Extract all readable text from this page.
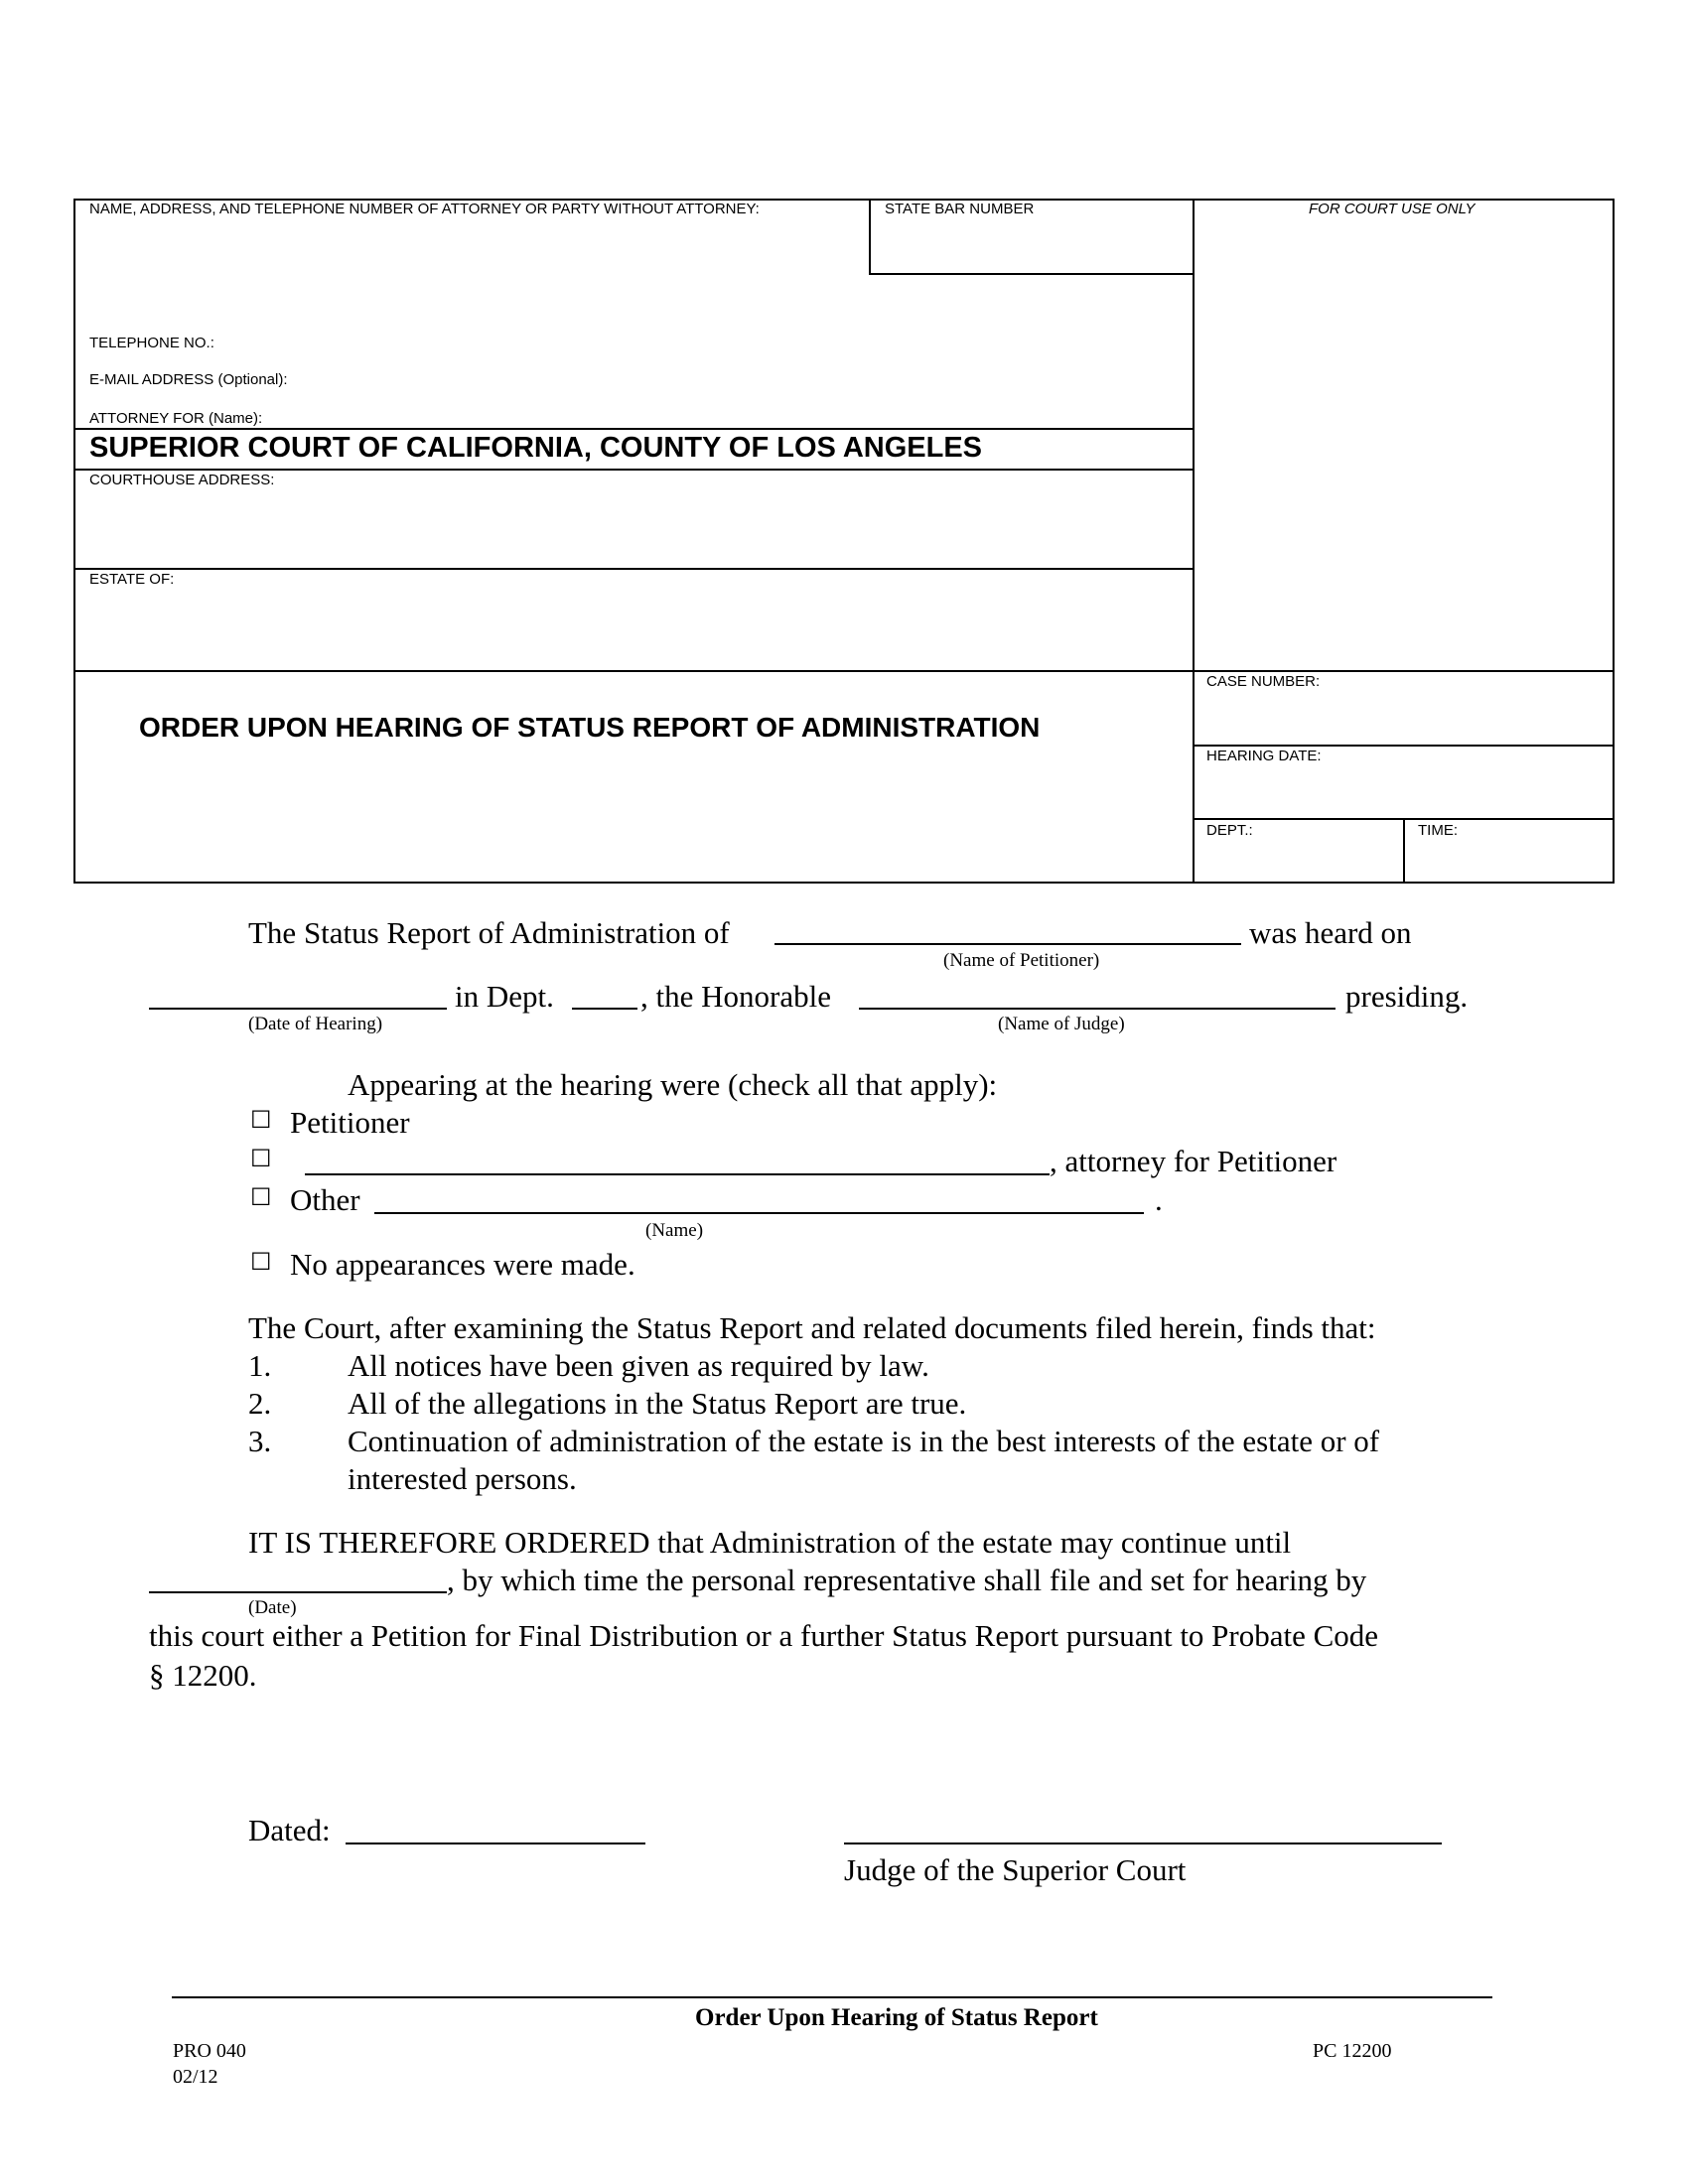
NAME, ADDRESS, AND TELEPHONE NUMBER OF ATTORNEY OR PARTY WITHOUT ATTORNEY:	STATE BAR NUMBER	FOR COURT USE ONLY
TELEPHONE NO.:
E-MAIL ADDRESS (Optional):
ATTORNEY FOR (Name):
SUPERIOR COURT OF CALIFORNIA, COUNTY OF LOS ANGELES
COURTHOUSE ADDRESS:
ESTATE OF:
ORDER UPON HEARING OF STATUS REPORT OF ADMINISTRATION
CASE NUMBER:
HEARING DATE:
DEPT.:	TIME:
The Status Report of Administration of	was heard on
(Name of Petitioner)
in Dept.	, the Honorable	presiding.
(Date of Hearing)	(Name of Judge)
Appearing at the hearing were (check all that apply):
☐ Petitioner
☐	, attorney for Petitioner
☐ Other	.
(Name)
☐ No appearances were made.
The Court, after examining the Status Report and related documents filed herein, finds that:
1. All notices have been given as required by law.
2. All of the allegations in the Status Report are true.
3. Continuation of administration of the estate is in the best interests of the estate or of
interested persons.
IT IS THEREFORE ORDERED that Administration of the estate may continue until
, by which time the personal representative shall file and set for hearing by
(Date)
this court either a Petition for Final Distribution or a further Status Report pursuant to Probate Code
§ 12200.
Dated:
Judge of the Superior Court
Order Upon Hearing of Status Report
PRO 040
02/12
PC 12200
